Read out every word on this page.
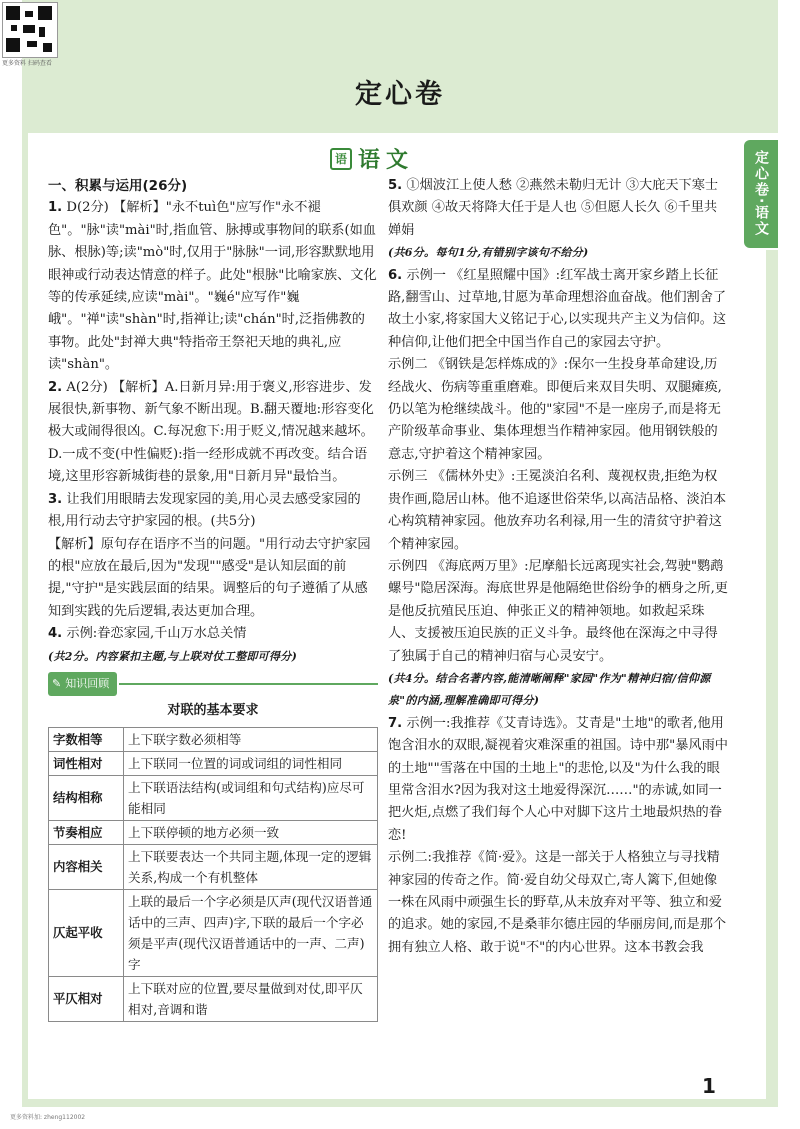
更多资料 扫码查看
定心卷
语 语文	定心卷·语文

一、积累与运用(26分)

1. D(2分) 【解析】"永不tuì色"应写作"永不褪色"。"脉"读"mài"时,指血管、脉搏或事物间的联系(如血脉、根脉)等;读"mò"时,仅用于"脉脉"一词,形容默默地用眼神或行动表达情意的样子。此处"根脉"比喻家族、文化等的传承延续,应读"mài"。"巍é"应写作"巍峨"。"禅"读"shàn"时,指禅让;读"chán"时,泛指佛教的事物。此处"封禅大典"特指帝王祭祀天地的典礼,应读"shàn"。

2. A(2分) 【解析】A.日新月异:用于褒义,形容进步、发展很快,新事物、新气象不断出现。B.翻天覆地:形容变化极大或闹得很凶。C.每况愈下:用于贬义,情况越来越坏。D.一成不变(中性偏贬):指一经形成就不再改变。结合语境,这里形容新城街巷的景象,用"日新月异"最恰当。

3. 让我们用眼睛去发现家园的美,用心灵去感受家园的根,用行动去守护家园的根。(共5分)

【解析】原句存在语序不当的问题。"用行动去守护家园的根"应放在最后,因为"发现""感受"是认知层面的前提,"守护"是实践层面的结果。调整后的句子遵循了从感知到实践的先后逻辑,表达更加合理。

4. 示例:眷恋家园,千山万水总关情

(共2分。内容紧扣主题,与上联对仗工整即可得分)

✎ 知识回顾
对联的基本要求
字数相等	上下联字数必须相等
词性相对	上下联同一位置的词或词组的词性相同
结构相称	上下联语法结构(或词组和句式结构)应尽可能相同
节奏相应	上下联停顿的地方必须一致
内容相关	上下联要表达一个共同主题,体现一定的逻辑关系,构成一个有机整体
仄起平收	上联的最后一个字必须是仄声(现代汉语普通话中的三声、四声)字,下联的最后一个字必须是平声(现代汉语普通话中的一声、二声)字
平仄相对	上下联对应的位置,要尽量做到对仗,即平仄相对,音调和谐

5. ①烟波江上使人愁 ②燕然未勒归无计 ③大庇天下寒士俱欢颜 ④故天将降大任于是人也 ⑤但愿人长久 ⑥千里共婵娟

(共6分。每句1分,有错别字该句不给分)

6. 示例一 《红星照耀中国》:红军战士离开家乡踏上长征路,翻雪山、过草地,甘愿为革命理想浴血奋战。他们割舍了故土小家,将家国大义铭记于心,以实现共产主义为信仰。这种信仰,让他们把全中国当作自己的家园去守护。

示例二 《钢铁是怎样炼成的》:保尔一生投身革命建设,历经战火、伤病等重重磨难。即便后来双目失明、双腿瘫痪,仍以笔为枪继续战斗。他的"家园"不是一座房子,而是将无产阶级革命事业、集体理想当作精神家园。他用钢铁般的意志,守护着这个精神家园。

示例三 《儒林外史》:王冕淡泊名利、蔑视权贵,拒绝为权贵作画,隐居山林。他不追逐世俗荣华,以高洁品格、淡泊本心构筑精神家园。他放弃功名利禄,用一生的清贫守护着这个精神家园。

示例四 《海底两万里》:尼摩船长远离现实社会,驾驶"鹦鹉螺号"隐居深海。海底世界是他隔绝世俗纷争的栖身之所,更是他反抗殖民压迫、伸张正义的精神领地。如救起采珠人、支援被压迫民族的正义斗争。最终他在深海之中寻得了独属于自己的精神归宿与心灵安宁。

(共4分。结合名著内容,能清晰阐释"家园"作为"精神归宿/信仰源泉"的内涵,理解准确即可得分)

7. 示例一:我推荐《艾青诗选》。艾青是"土地"的歌者,他用饱含泪水的双眼,凝视着灾难深重的祖国。诗中那"暴风雨中的土地""雪落在中国的土地上"的悲怆,以及"为什么我的眼里常含泪水?因为我对这土地爱得深沉……"的赤诚,如同一把火炬,点燃了我们每个人心中对脚下这片土地最炽热的眷恋!

示例二:我推荐《简·爱》。这是一部关于人格独立与寻找精神家园的传奇之作。简·爱自幼父母双亡,寄人篱下,但她像一株在风雨中顽强生长的野草,从未放弃对平等、独立和爱的追求。她的家园,不是桑菲尔德庄园的华丽房间,而是那个拥有独立人格、敢于说"不"的内心世界。这本书教会我

1
更多资料加: zheng112002
